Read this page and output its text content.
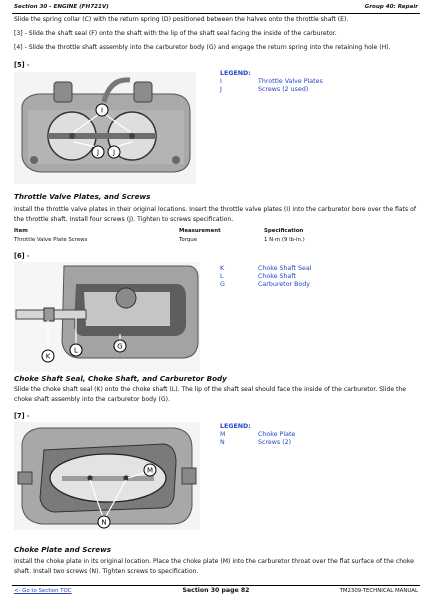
Section 30 - ENGINE (FH721V)	Group 40: Repair
Slide the spring collar (C) with the return spring (D) positioned between the halves onto the throttle shaft (E).
[3] - Slide the shaft seal (F) onto the shaft with the lip of the shaft seal facing the inside of the carburetor.
[4] - Slide the throttle shaft assembly into the carburetor body (G) and engage the return spring into the retaining hole (H).
[5] -
I
J J
LEGEND:
I	Throttle Valve Plates
J	Screws (2 used)
Throttle Valve Plates, and Screws
Install the throttle valve plates in their original locations. Insert the throttle valve plates (I) into the carburetor bore over the flats of the throttle shaft. Install four screws (J). Tighten to screws specification.
Item	Measurement	Specification
Throttle Valve Plate Screws	Torque	1 N·m (9 lb-in.)
[6] -
K
L	G
K	Choke Shaft Seal
L	Choke Shaft
G	Carburetor Body
Choke Shaft Seal, Choke Shaft, and Carburetor Body
Slide the choke shaft seal (K) onto the choke shaft (L). The lip of the shaft seal should face the inside of the carburetor. Slide the choke shaft assembly into the carburetor body (G).
[7] -
M
N
LEGEND:
M	Choke Plate
N	Screws (2)
Choke Plate and Screws
Install the choke plate in its original location. Place the choke plate (M) into the carburetor throat over the flat surface of the choke shaft. Install two screws (N). Tighten screws to specification.
<- Go to Section TOC	Section 30 page 82	TM2309-TECHNICAL MANUAL
